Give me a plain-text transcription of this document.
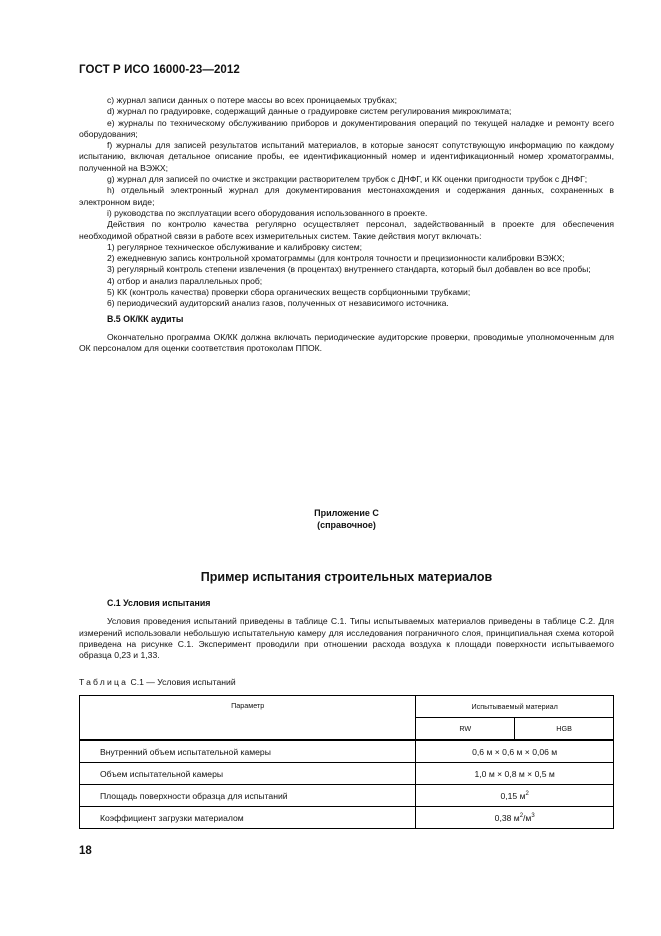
ГОСТ Р ИСО 16000-23—2012

c) журнал записи данных о потере массы во всех проницаемых трубках;

d) журнал по градуировке, содержащий данные о градуировке систем регулирования микроклимата;

e) журналы по техническому обслуживанию приборов и документирования операций по текущей наладке и ремонту всего оборудования;

f) журналы для записей результатов испытаний материалов, в которые заносят сопутствующую информацию по каждому испытанию, включая детальное описание пробы, ее идентификационный номер и идентификационный номер хроматограммы, полученной на ВЭЖХ;

g) журнал для записей по очистке и экстракции растворителем трубок с ДНФГ, и КК оценки пригодности трубок с ДНФГ;

h) отдельный электронный журнал для документирования местонахождения и содержания данных, сохраненных в электронном виде;

i) руководства по эксплуатации всего оборудования использованного в проекте.

Действия по контролю качества регулярно осуществляет персонал, задействованный в проекте для обеспечения необходимой обратной связи в работе всех измерительных систем. Такие действия могут включать:

1) регулярное техническое обслуживание и калибровку систем;

2) ежедневную запись контрольной хроматограммы (для контроля точности и прецизионности калибровки ВЭЖХ;

3) регулярный контроль степени извлечения (в процентах) внутреннего стандарта, который был добавлен во все пробы;

4) отбор и анализ параллельных проб;

5) КК (контроль качества) проверки сбора органических веществ сорбционными трубками;

6) периодический аудиторский анализ газов, полученных от независимого источника.

B.5 ОК/КК аудиты

Окончательно программа ОК/КК должна включать периодические аудиторские проверки, проводимые уполномоченным для ОК персоналом для оценки соответствия протоколам ППОК.

Приложение С
(справочное)
Пример испытания строительных материалов

С.1 Условия испытания

Условия проведения испытаний приведены в таблице С.1. Типы испытываемых материалов приведены в таблице С.2. Для измерений использовали небольшую испытательную камеру для исследования пограничного слоя, принципиальная схема которой приведена на рисунке С.1. Эксперимент проводили при отношении расхода воздуха к площади поверхности испытываемого образца 0,23 и 1,33.

Таблица С.1 — Условия испытаний
Параметр	Испытываемый материал	
	RW	HGB
Внутренний объем испытательной камеры	0,6 м × 0,6 м × 0,06 м	
Объем испытательной камеры	1,0 м × 0,8 м × 0,5 м	
Площадь поверхности образца для испытаний	0,15 $м^2$
Коэффициент загрузки материалом	0,38 $м^2/м^3$
18
